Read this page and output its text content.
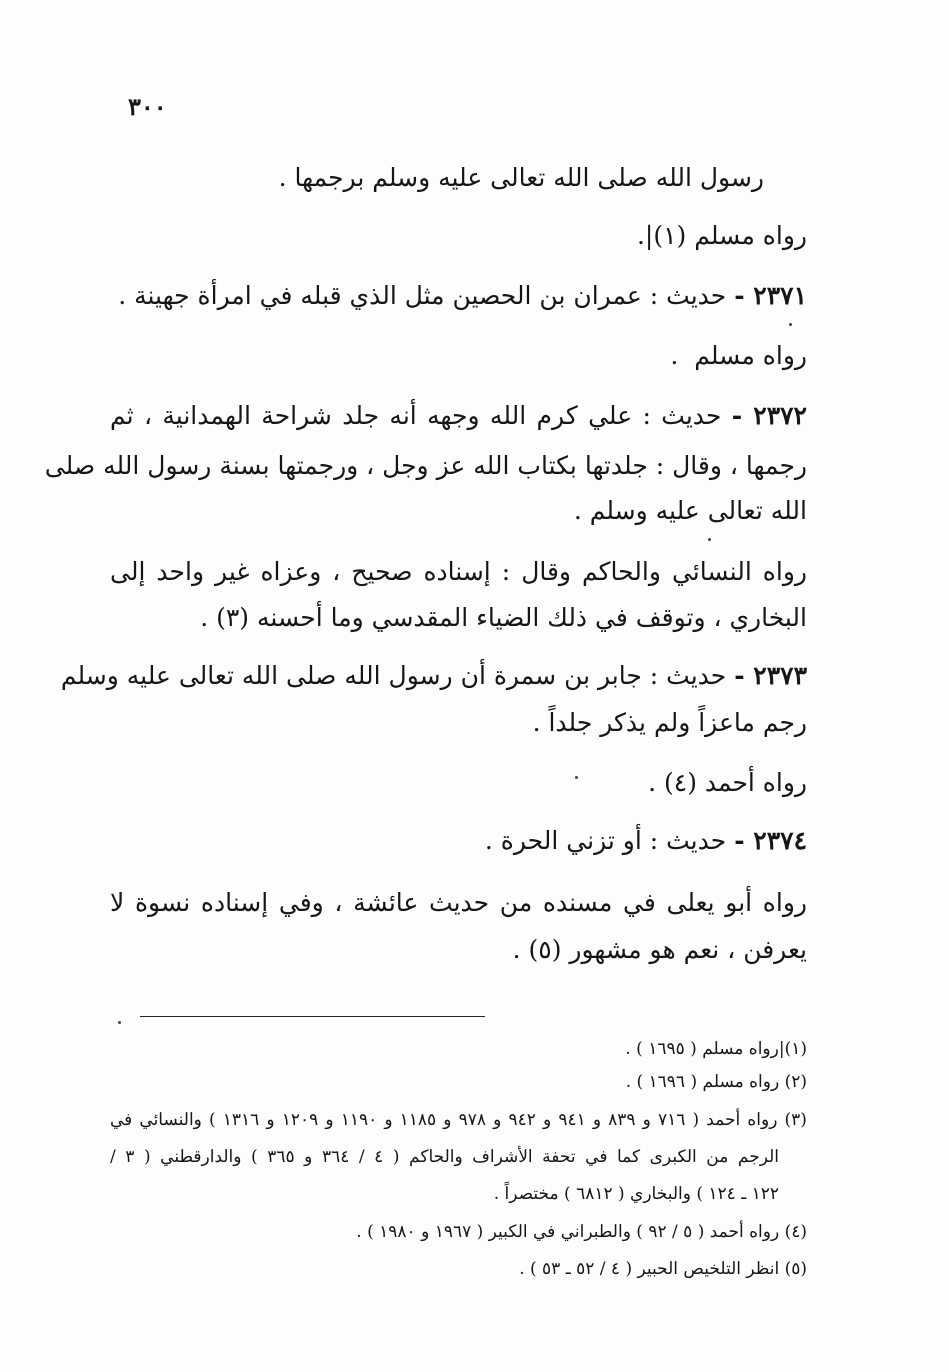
٣٠٠
رسول الله صلى الله تعالى عليه وسلم برجمها .
رواه مسلم (١)|.
٢٣٧١ - حديث : عمران بن الحصين مثل الذي قبله في امرأة جهينة .
رواه مسلم ‌ .
٢٣٧٢ - حديث : علي كرم الله وجهه أنه جلد شراحة الهمدانية ، ثم
رجمها ، وقال : جلدتها بكتاب الله عز وجل ، ورجمتها بسنة رسول الله صلى
الله تعالى عليه وسلم .
رواه النسائي والحاكم وقال : إسناده صحيح ، وعزاه غير واحد إلى
البخاري ، وتوقف في ذلك الضياء المقدسي وما أحسنه (٣) .
٢٣٧٣ - حديث : جابر بن سمرة أن رسول الله صلى الله تعالى عليه وسلم
رجم ماعزاً ولم يذكر جلداً .
رواه أحمد (٤) .
٢٣٧٤ - حديث : أو تزني الحرة .
رواه أبو يعلى في مسنده من حديث عائشة ، وفي إسناده نسوة لا
يعرفن ، نعم هو مشهور (٥) .
(١)|رواه مسلم ( ١٦٩٥ ) .
(٢) رواه مسلم ( ١٦٩٦ ) .
(٣) رواه أحمد ( ٧١٦ و ٨٣٩ و ٩٤١ و ٩٤٢ و ٩٧٨ و ١١٨٥ و ١١٩٠ و ١٢٠٩ و ١٣١٦ ) والنسائي في
الرجم من الكبرى كما في تحفة الأشراف والحاكم ( ٤ / ٣٦٤ و ٣٦٥ ) والدارقطني ( ٣ /
١٢٢ ـ ١٢٤ ) والبخاري ( ٦٨١٢ ) مختصراً .
(٤) رواه أحمد ( ٥ / ٩٢ ) والطبراني في الكبير ( ١٩٦٧ و ١٩٨٠ ) .
(٥) انظر التلخيص الحبير ( ٤ / ٥٢ ـ ٥٣ ) .
